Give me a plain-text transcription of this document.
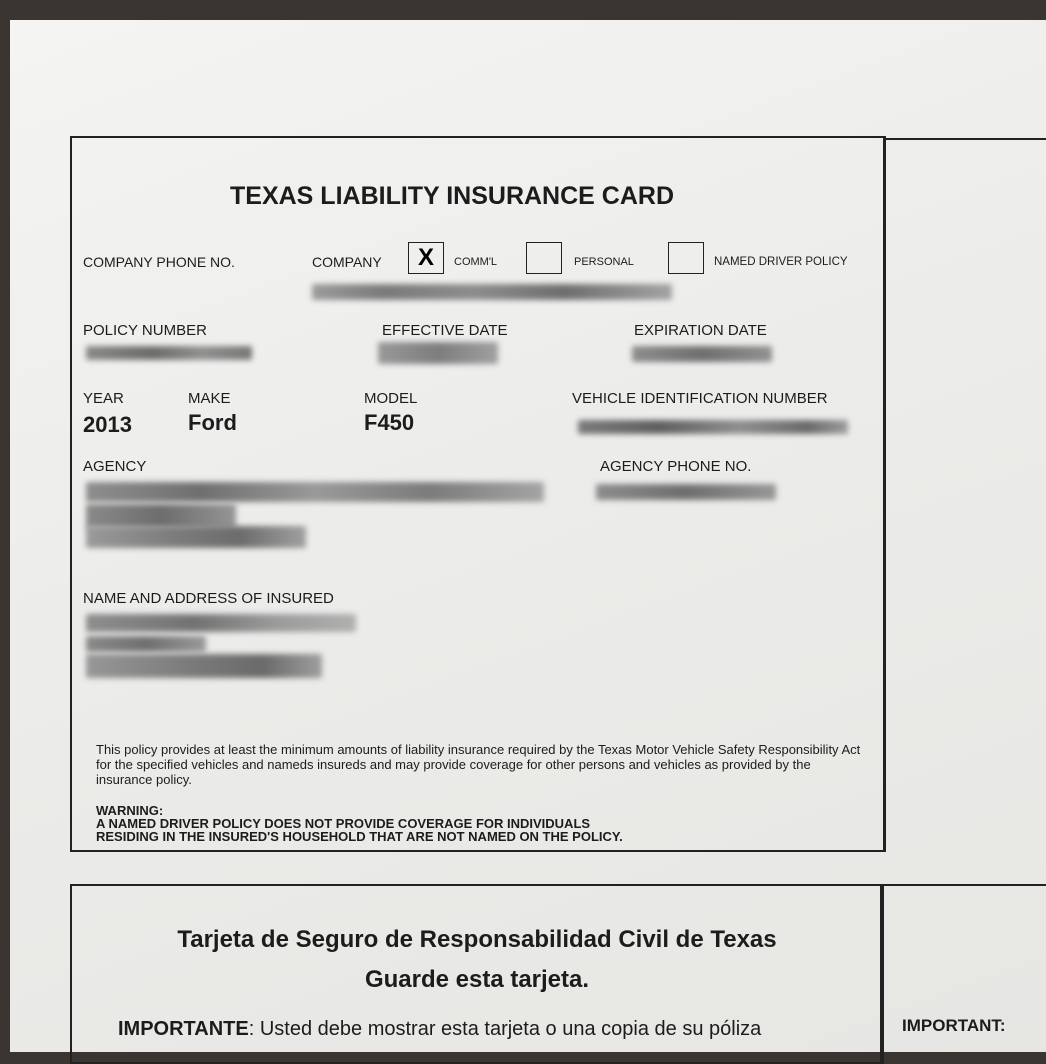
TEXAS LIABILITY INSURANCE CARD
COMPANY PHONE NO.	COMPANY	X	COMM'L	PERSONAL	NAMED DRIVER POLICY
POLICY NUMBER	EFFECTIVE DATE	EXPIRATION DATE
YEAR	MAKE	MODEL	VEHICLE IDENTIFICATION NUMBER
2013	Ford	F450
AGENCY	AGENCY PHONE NO.
NAME AND ADDRESS OF INSURED
This policy provides at least the minimum amounts of liability insurance required by the Texas Motor Vehicle Safety Responsibility Act for the specified vehicles and nameds insureds and may provide coverage for other persons and vehicles as provided by the insurance policy.
WARNING:
A NAMED DRIVER POLICY DOES NOT PROVIDE COVERAGE FOR INDIVIDUALS
RESIDING IN THE INSURED'S HOUSEHOLD THAT ARE NOT NAMED ON THE POLICY.
Tarjeta de Seguro de Responsabilidad Civil de Texas
Guarde esta tarjeta.
IMPORTANTE: Usted debe mostrar esta tarjeta o una copia de su póliza	IMPORTANT:
